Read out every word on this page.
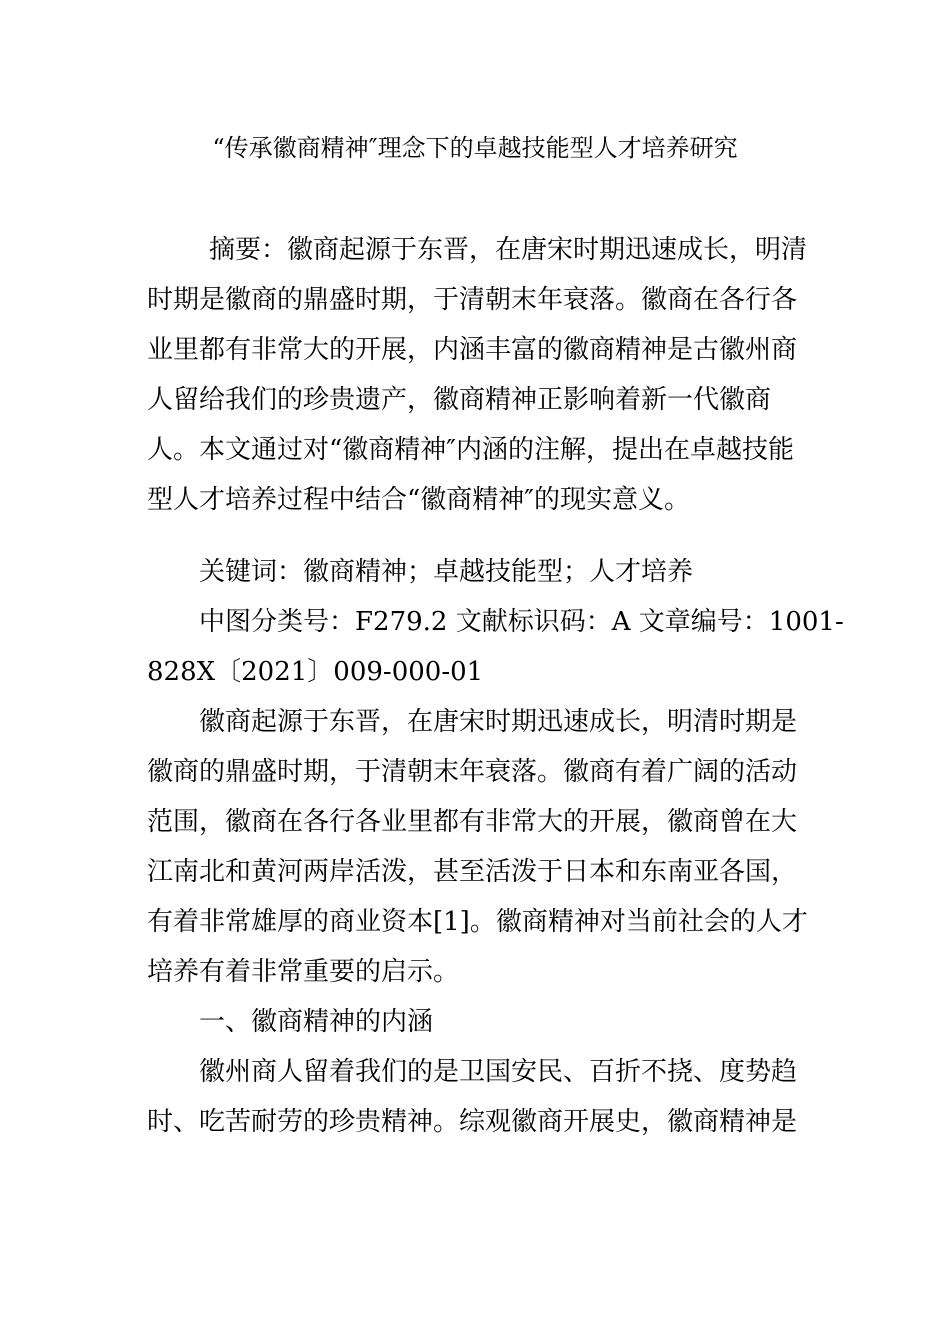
“传承徽商精神″理念下的卓越技能型人才培养研究
摘要：徽商起源于东晋，在唐宋时期迅速成长，明清
时期是徽商的鼎盛时期，于清朝末年衰落。徽商在各行各
业里都有非常大的开展，内涵丰富的徽商精神是古徽州商
人留给我们的珍贵遗产，徽商精神正影响着新一代徽商
人。本文通过对“徽商精神″内涵的注解，提出在卓越技能
型人才培养过程中结合“徽商精神″的现实意义。
关键词：徽商精神；卓越技能型；人才培养
中图分类号：F279.2 文献标识码：A 文章编号：1001-
828X〔2021〕009-000-01
徽商起源于东晋，在唐宋时期迅速成长，明清时期是
徽商的鼎盛时期，于清朝末年衰落。徽商有着广阔的活动
范围，徽商在各行各业里都有非常大的开展，徽商曾在大
江南北和黄河两岸活泼，甚至活泼于日本和东南亚各国，
有着非常雄厚的商业资本[1]。徽商精神对当前社会的人才
培养有着非常重要的启示。
一、徽商精神的内涵
徽州商人留着我们的是卫国安民、百折不挠、度势趋
时、吃苦耐劳的珍贵精神。综观徽商开展史，徽商精神是
